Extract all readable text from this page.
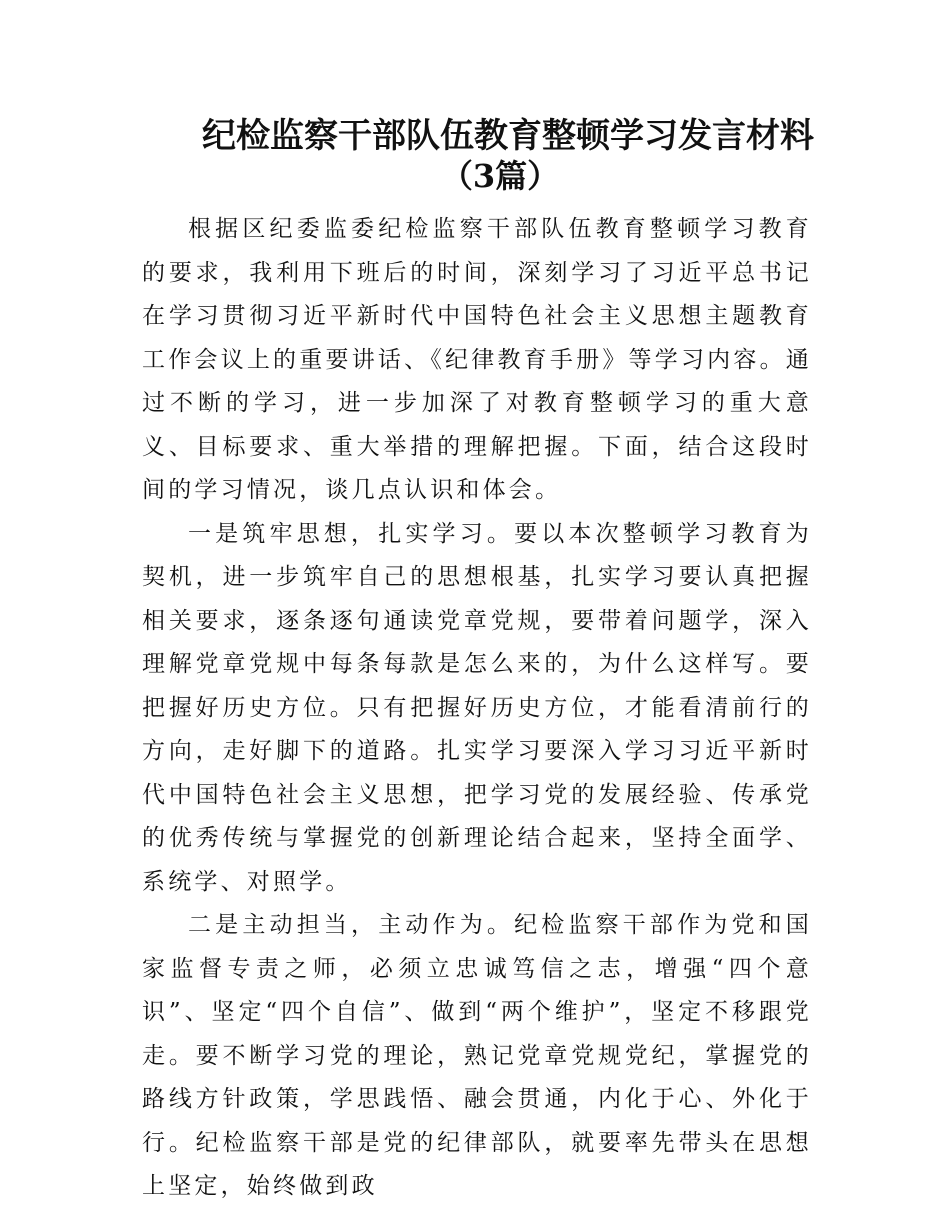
纪检监察干部队伍教育整顿学习发言材料
（3篇）

根据区纪委监委纪检监察干部队伍教育整顿学习教育的要求，我利用下班后的时间，深刻学习了习近平总书记在学习贯彻习近平新时代中国特色社会主义思想主题教育工作会议上的重要讲话、《纪律教育手册》等学习内容。通过不断的学习，进一步加深了对教育整顿学习的重大意义、目标要求、重大举措的理解把握。下面，结合这段时间的学习情况，谈几点认识和体会。

一是筑牢思想，扎实学习。要以本次整顿学习教育为契机，进一步筑牢自己的思想根基，扎实学习要认真把握相关要求，逐条逐句通读党章党规，要带着问题学，深入理解党章党规中每条每款是怎么来的，为什么这样写。要把握好历史方位。只有把握好历史方位，才能看清前行的方向，走好脚下的道路。扎实学习要深入学习习近平新时代中国特色社会主义思想，把学习党的发展经验、传承党的优秀传统与掌握党的创新理论结合起来，坚持全面学、系统学、对照学。

二是主动担当，主动作为。纪检监察干部作为党和国家监督专责之师，必须立忠诚笃信之志，增强“四个意识”、坚定“四个自信”、做到“两个维护”，坚定不移跟党走。要不断学习党的理论，熟记党章党规党纪，掌握党的路线方针政策，学思践悟、融会贯通，内化于心、外化于行。纪检监察干部是党的纪律部队，就要率先带头在思想上坚定，始终做到政
